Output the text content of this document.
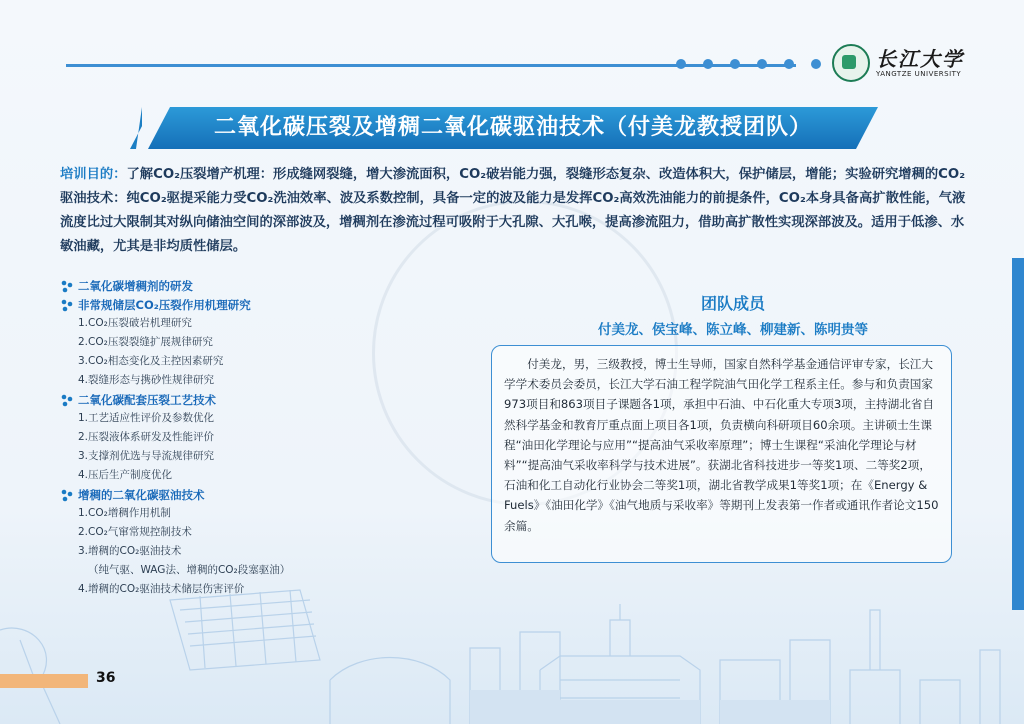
长江大学
YANGTZE UNIVERSITY
二氧化碳压裂及增稠二氧化碳驱油技术（付美龙教授团队）
培训目的：了解CO₂压裂增产机理：形成缝网裂缝，增大渗流面积，CO₂破岩能力强，裂缝形态复杂、改造体积大，保护储层，增能；实验研究增稠的CO₂驱油技术：纯CO₂驱提采能力受CO₂洗油效率、波及系数控制，具备一定的波及能力是发挥CO₂高效洗油能力的前提条件，CO₂本身具备高扩散性能，气液流度比过大限制其对纵向储油空间的深部波及，增稠剂在渗流过程可吸附于大孔隙、大孔喉，提高渗流阻力，借助高扩散性实现深部波及。适用于低渗、水敏油藏，尤其是非均质性储层。
二氧化碳增稠剂的研发
非常规储层CO₂压裂作用机理研究
1.CO₂压裂破岩机理研究
2.CO₂压裂裂缝扩展规律研究
3.CO₂相态变化及主控因素研究
4.裂缝形态与携砂性规律研究
二氧化碳配套压裂工艺技术
1.工艺适应性评价及参数优化
2.压裂液体系研发及性能评价
3.支撑剂优选与导流规律研究
4.压后生产制度优化
增稠的二氧化碳驱油技术
1.CO₂增稠作用机制
2.CO₂气窜常规控制技术
3.增稠的CO₂驱油技术
（纯气驱、WAG法、增稠的CO₂段塞驱油）
4.增稠的CO₂驱油技术储层伤害评价
团队成员
付美龙、侯宝峰、陈立峰、柳建新、陈明贵等

付美龙，男，三级教授，博士生导师，国家自然科学基金通信评审专家，长江大学学术委员会委员，长江大学石油工程学院油气田化学工程系主任。参与和负责国家973项目和863项目子课题各1项，承担中石油、中石化重大专项3项，主持湖北省自然科学基金和教育厅重点面上项目各1项，负责横向科研项目60余项。主讲硕士生课程“油田化学理论与应用”“提高油气采收率原理”；博士生课程“采油化学理论与材料”“提高油气采收率科学与技术进展”。获湖北省科技进步一等奖1项、二等奖2项，石油和化工自动化行业协会二等奖1项，湖北省教学成果1等奖1项；在《Energy & Fuels》《油田化学》《油气地质与采收率》等期刊上发表第一作者或通讯作者论文150余篇。

36
